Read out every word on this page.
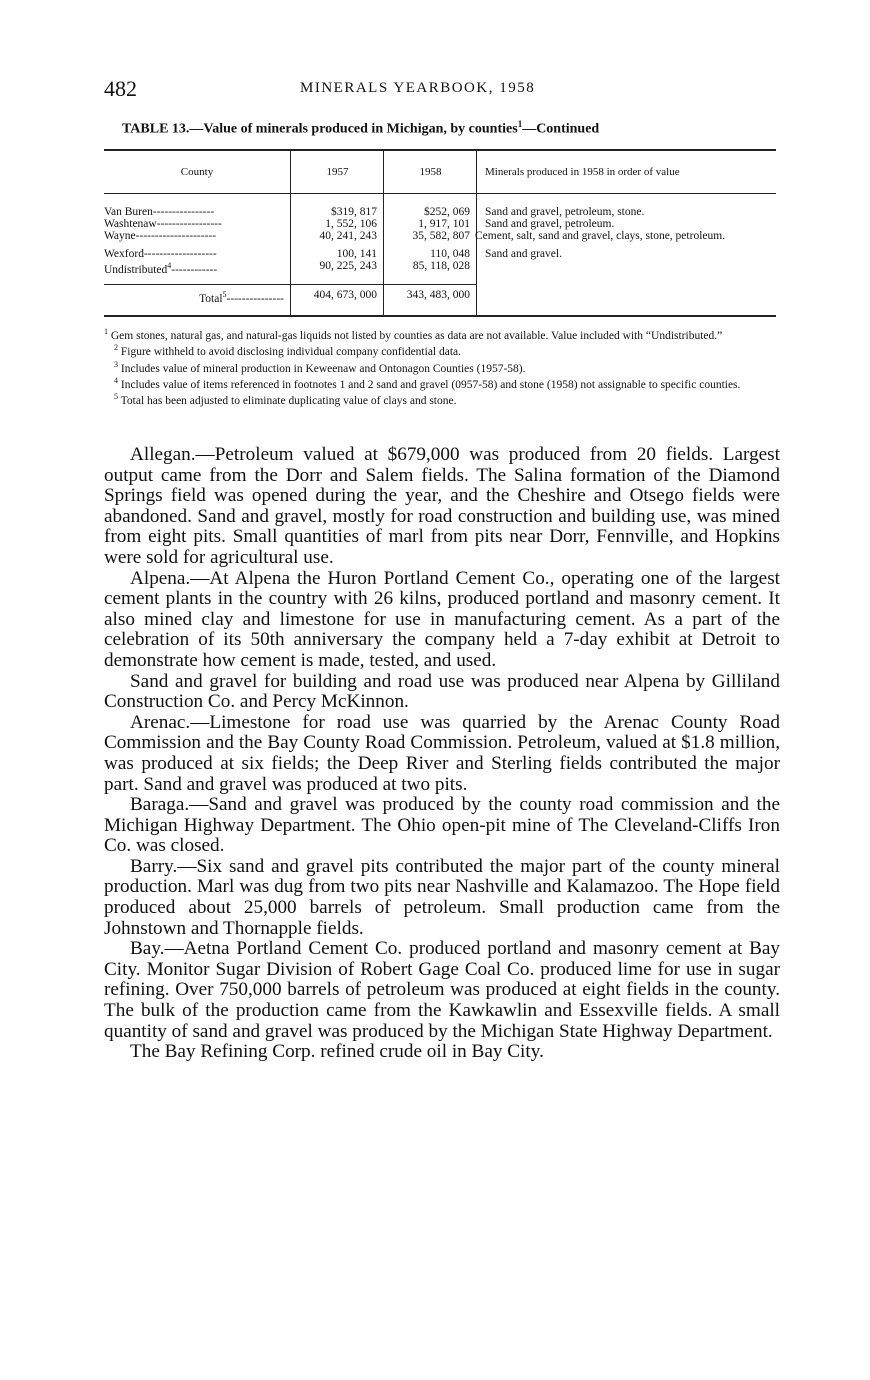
482	MINERALS YEARBOOK, 1958
TABLE 13.—Value of minerals produced in Michigan, by counties$^1$—Continued
County	1957	1958	Minerals produced in 1958 in order of value
Van Buren----------------	$319, 817	$252, 069	Sand and gravel, petroleum, stone.
Washtenaw-----------------	1, 552, 106	1, 917, 101	Sand and gravel, petroleum.
Wayne---------------------	40, 241, 243	35, 582, 807	Cement, salt, sand and gravel, clays, stone, petroleum.
Wexford-------------------	100, 141	110, 048	Sand and gravel.
Undistributed$^4$------------	90, 225, 243	85, 118, 028	
Total$^5$---------------	404, 673, 000	343, 483, 000	

$^1$ Gem stones, natural gas, and natural-gas liquids not listed by counties as data are not available. Value included with “Undistributed.”

$^2$ Figure withheld to avoid disclosing individual company confidential data.

$^3$ Includes value of mineral production in Keweenaw and Ontonagon Counties (1957-58).

$^4$ Includes value of items referenced in footnotes 1 and 2 sand and gravel (0957-58) and stone (1958) not assignable to specific counties.

$^5$ Total has been adjusted to eliminate duplicating value of clays and stone.

Allegan.—Petroleum valued at $679,000 was produced from 20 fields. Largest output came from the Dorr and Salem fields. The Salina formation of the Diamond Springs field was opened during the year, and the Cheshire and Otsego fields were abandoned. Sand and gravel, mostly for road construction and building use, was mined from eight pits. Small quantities of marl from pits near Dorr, Fennville, and Hopkins were sold for agricultural use.

Alpena.—At Alpena the Huron Portland Cement Co., operating one of the largest cement plants in the country with 26 kilns, produced portland and masonry cement. It also mined clay and limestone for use in manufacturing cement. As a part of the celebration of its 50th anniversary the company held a 7-day exhibit at Detroit to demonstrate how cement is made, tested, and used.

Sand and gravel for building and road use was produced near Alpena by Gilliland Construction Co. and Percy McKinnon.

Arenac.—Limestone for road use was quarried by the Arenac County Road Commission and the Bay County Road Commission. Petroleum, valued at $1.8 million, was produced at six fields; the Deep River and Sterling fields contributed the major part. Sand and gravel was produced at two pits.

Baraga.—Sand and gravel was produced by the county road commission and the Michigan Highway Department. The Ohio open-pit mine of The Cleveland-Cliffs Iron Co. was closed.

Barry.—Six sand and gravel pits contributed the major part of the county mineral production. Marl was dug from two pits near Nashville and Kalamazoo. The Hope field produced about 25,000 barrels of petroleum. Small production came from the Johnstown and Thornapple fields.

Bay.—Aetna Portland Cement Co. produced portland and masonry cement at Bay City. Monitor Sugar Division of Robert Gage Coal Co. produced lime for use in sugar refining. Over 750,000 barrels of petroleum was produced at eight fields in the county. The bulk of the production came from the Kawkawlin and Essexville fields. A small quantity of sand and gravel was produced by the Michigan State Highway Department.

The Bay Refining Corp. refined crude oil in Bay City.
